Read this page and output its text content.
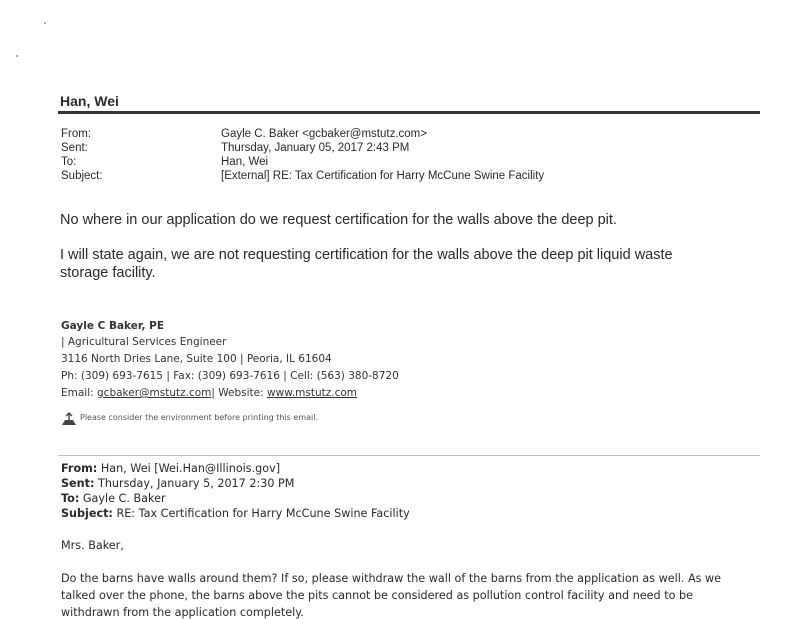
Han, Wei
From:	Gayle C. Baker <gcbaker@mstutz.com>
Sent:	Thursday, January 05, 2017 2:43 PM
To:	Han, Wei
Subject:	[External] RE: Tax Certification for Harry McCune Swine Facility
No where in our application do we request certification for the walls above the deep pit.
I will state again, we are not requesting certification for the walls above the deep pit liquid waste
storage facility.
Gayle C Baker, PE
| Agricultural Services Engineer
3116 North Dries Lane, Suite 100 | Peoria, IL 61604
Ph: (309) 693-7615 | Fax: (309) 693-7616 | Cell: (563) 380-8720
Email: gcbaker@mstutz.com| Website: www.mstutz.com
Please consider the environment before printing this email.
From: Han, Wei [Wei.Han@Illinois.gov]
Sent: Thursday, January 5, 2017 2:30 PM
To: Gayle C. Baker
Subject: RE: Tax Certification for Harry McCune Swine Facility
Mrs. Baker,
Do the barns have walls around them? If so, please withdraw the wall of the barns from the application as well. As we
talked over the phone, the barns above the pits cannot be considered as pollution control facility and need to be
withdrawn from the application completely.
